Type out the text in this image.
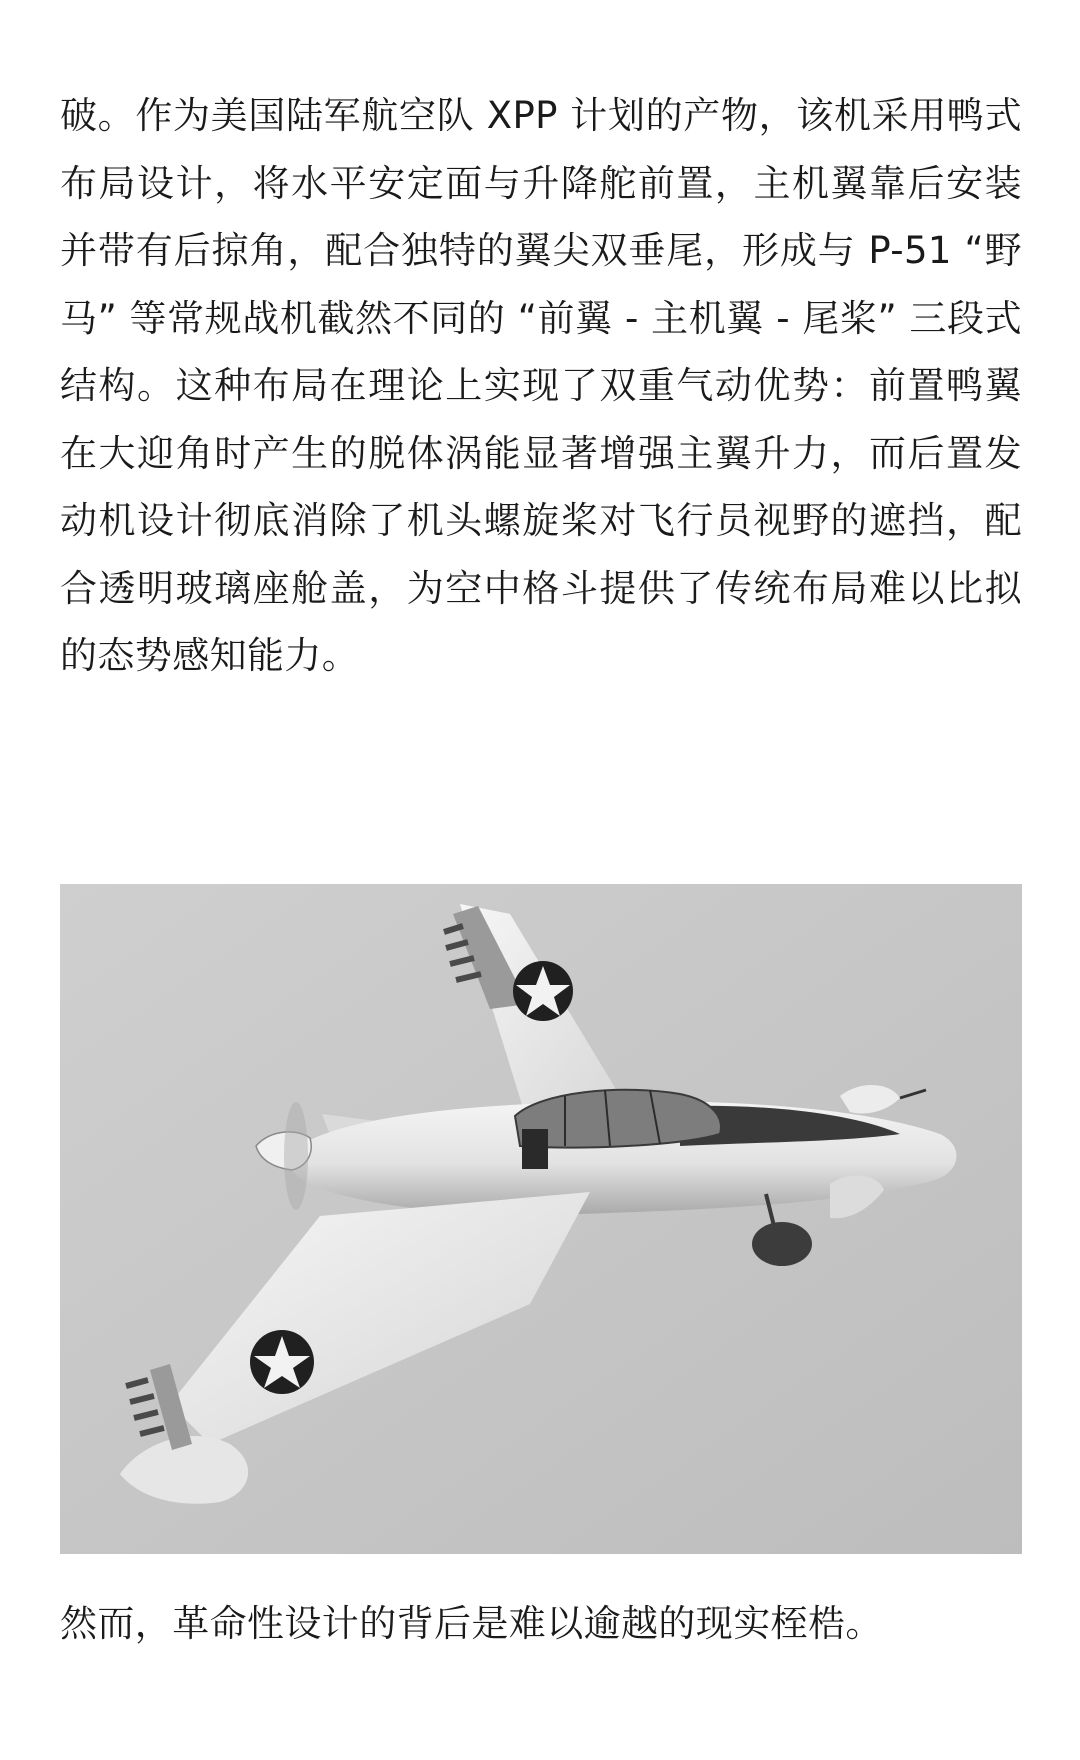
破。作为美国陆军航空队 XPP 计划的产物，该机采用鸭式布局设计，将水平安定面与升降舵前置，主机翼靠后安装并带有后掠角，配合独特的翼尖双垂尾，形成与 P-51 “野马” 等常规战机截然不同的 “前翼 - 主机翼 - 尾桨” 三段式结构。这种布局在理论上实现了双重气动优势：前置鸭翼在大迎角时产生的脱体涡能显著增强主翼升力，而后置发动机设计彻底消除了机头螺旋桨对飞行员视野的遮挡，配合透明玻璃座舱盖，为空中格斗提供了传统布局难以比拟的态势感知能力。

然而，革命性设计的背后是难以逾越的现实桎梏。
